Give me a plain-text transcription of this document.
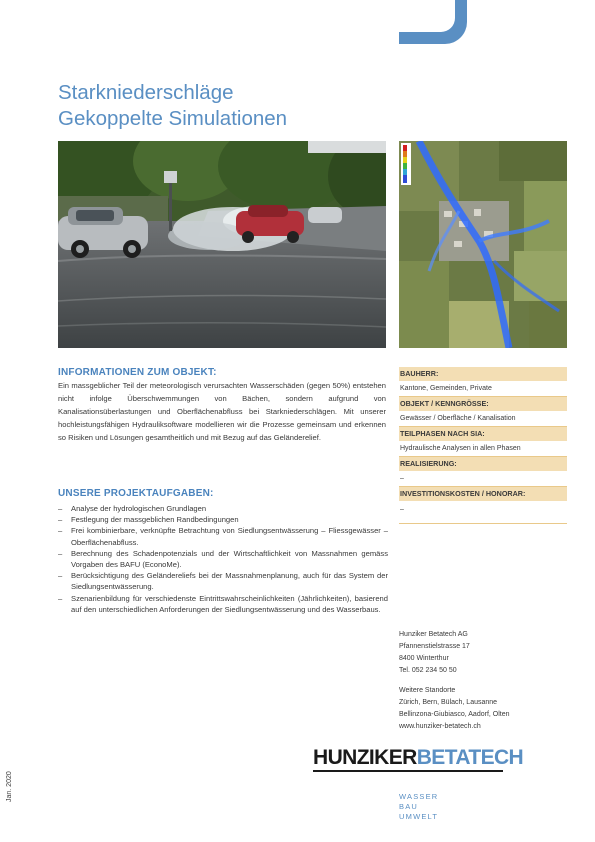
Starkniederschläge
Gekoppelte Simulationen
INFORMATIONEN ZUM OBJEKT:
Ein massgeblicher Teil der meteorologisch verursachten Wasserschäden (gegen 50%) entstehen nicht infolge Überschwemmungen von Bächen, sondern aufgrund von Kanalisationsüberlastungen und Oberflächenabfluss bei Starkniederschlägen. Mit unserer hochleistungsfähigen Hydrauliksoftware modellieren wir die Prozesse gemeinsam und erkennen so Risiken und Lösungen gesamtheitlich und mit Bezug auf das Geländerelief.
UNSERE PROJEKTAUFGABEN:
– Analyse der hydrologischen Grundlagen
– Festlegung der massgeblichen Randbedingungen
– Frei kombinierbare, verknüpfte Betrachtung von Siedlungsentwässerung – Fliessgewässer – Oberflächenabfluss.
– Berechnung des Schadenpotenzials und der Wirtschaftlichkeit von Massnahmen gemäss Vorgaben des BAFU (EconoMe).
– Berücksichtigung des Geländereliefs bei der Massnahmenplanung, auch für das System der Siedlungsentwässerung.
– Szenarienbildung für verschiedenste Eintrittswahrscheinlichkeiten (Jährlichkeiten), basierend auf den unterschiedlichen Anforderungen der Siedlungsentwässerung und des Wasserbaus.
BAUHERR:
Kantone, Gemeinden, Private
OBJEKT / KENNGRÖSSE:
Gewässer / Oberfläche / Kanalisation
TEILPHASEN NACH SIA:
Hydraulische Analysen in allen Phasen
REALISIERUNG:
–
INVESTITIONSKOSTEN / HONORAR:
–
Hunziker Betatech AG
Pfannenstielstrasse 17
8400 Winterthur
Tel. 052 234 50 50
Weitere Standorte
Zürich, Bern, Bülach, Lausanne
Bellinzona-Giubiasco, Aadorf, Olten
www.hunziker-betatech.ch
HUNZIKERBETATECH
WASSER
BAU
UMWELT
Jan. 2020
